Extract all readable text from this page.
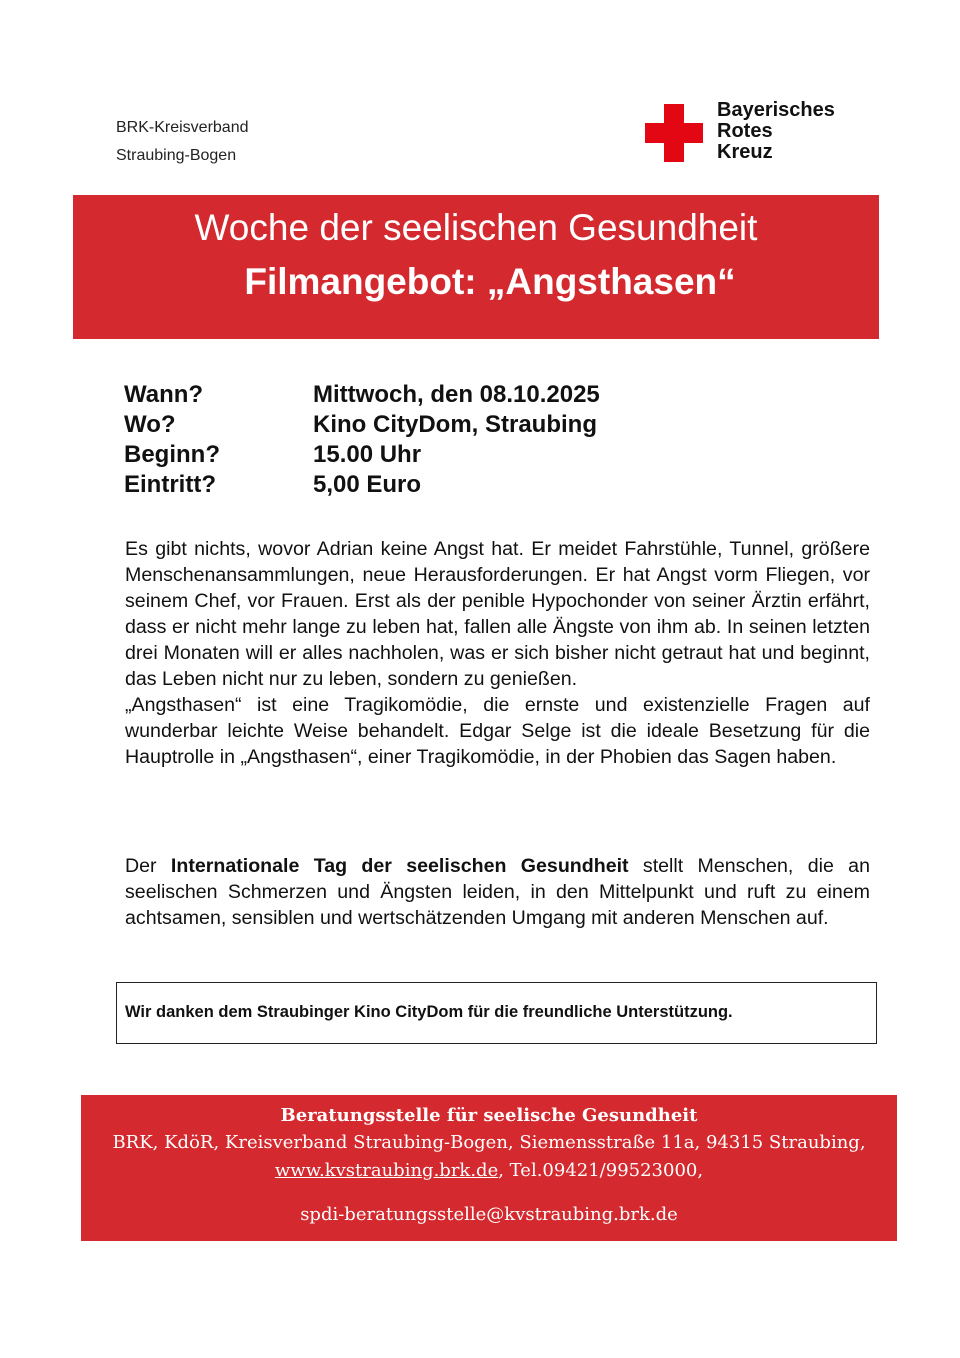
BRK-Kreisverband
Straubing-Bogen
Bayerisches
Rotes
Kreuz
Woche der seelischen Gesundheit
Filmangebot: „Angsthasen“
Wann?	Mittwoch, den 08.10.2025
Wo?	Kino CityDom, Straubing
Beginn?	15.00 Uhr
Eintritt?	5,00 Euro
Es gibt nichts, wovor Adrian keine Angst hat. Er meidet Fahrstühle, Tunnel, größere Menschenansammlungen, neue Herausforderungen. Er hat Angst vorm Fliegen, vor seinem Chef, vor Frauen. Erst als der penible Hypochonder von seiner Ärztin erfährt, dass er nicht mehr lange zu leben hat, fallen alle Ängste von ihm ab. In seinen letzten drei Monaten will er alles nachholen, was er sich bisher nicht getraut hat und beginnt, das Leben nicht nur zu leben, sondern zu genießen.
„Angsthasen“ ist eine Tragikomödie, die ernste und existenzielle Fragen auf wunderbar leichte Weise behandelt. Edgar Selge ist die ideale Besetzung für die Hauptrolle in „Angsthasen“, einer Tragikomödie, in der Phobien das Sagen haben.
Der Internationale Tag der seelischen Gesundheit stellt Menschen, die an seelischen Schmerzen und Ängsten leiden, in den Mittelpunkt und ruft zu einem achtsamen, sensiblen und wertschätzenden Umgang mit anderen Menschen auf.
Wir danken dem Straubinger Kino CityDom für die freundliche Unterstützung.
Beratungsstelle für seelische Gesundheit
BRK, KdöR, Kreisverband Straubing-Bogen, Siemensstraße 11a, 94315 Straubing,
www.kvstraubing.brk.de, Tel.09421/99523000,
spdi-beratungsstelle@kvstraubing.brk.de
